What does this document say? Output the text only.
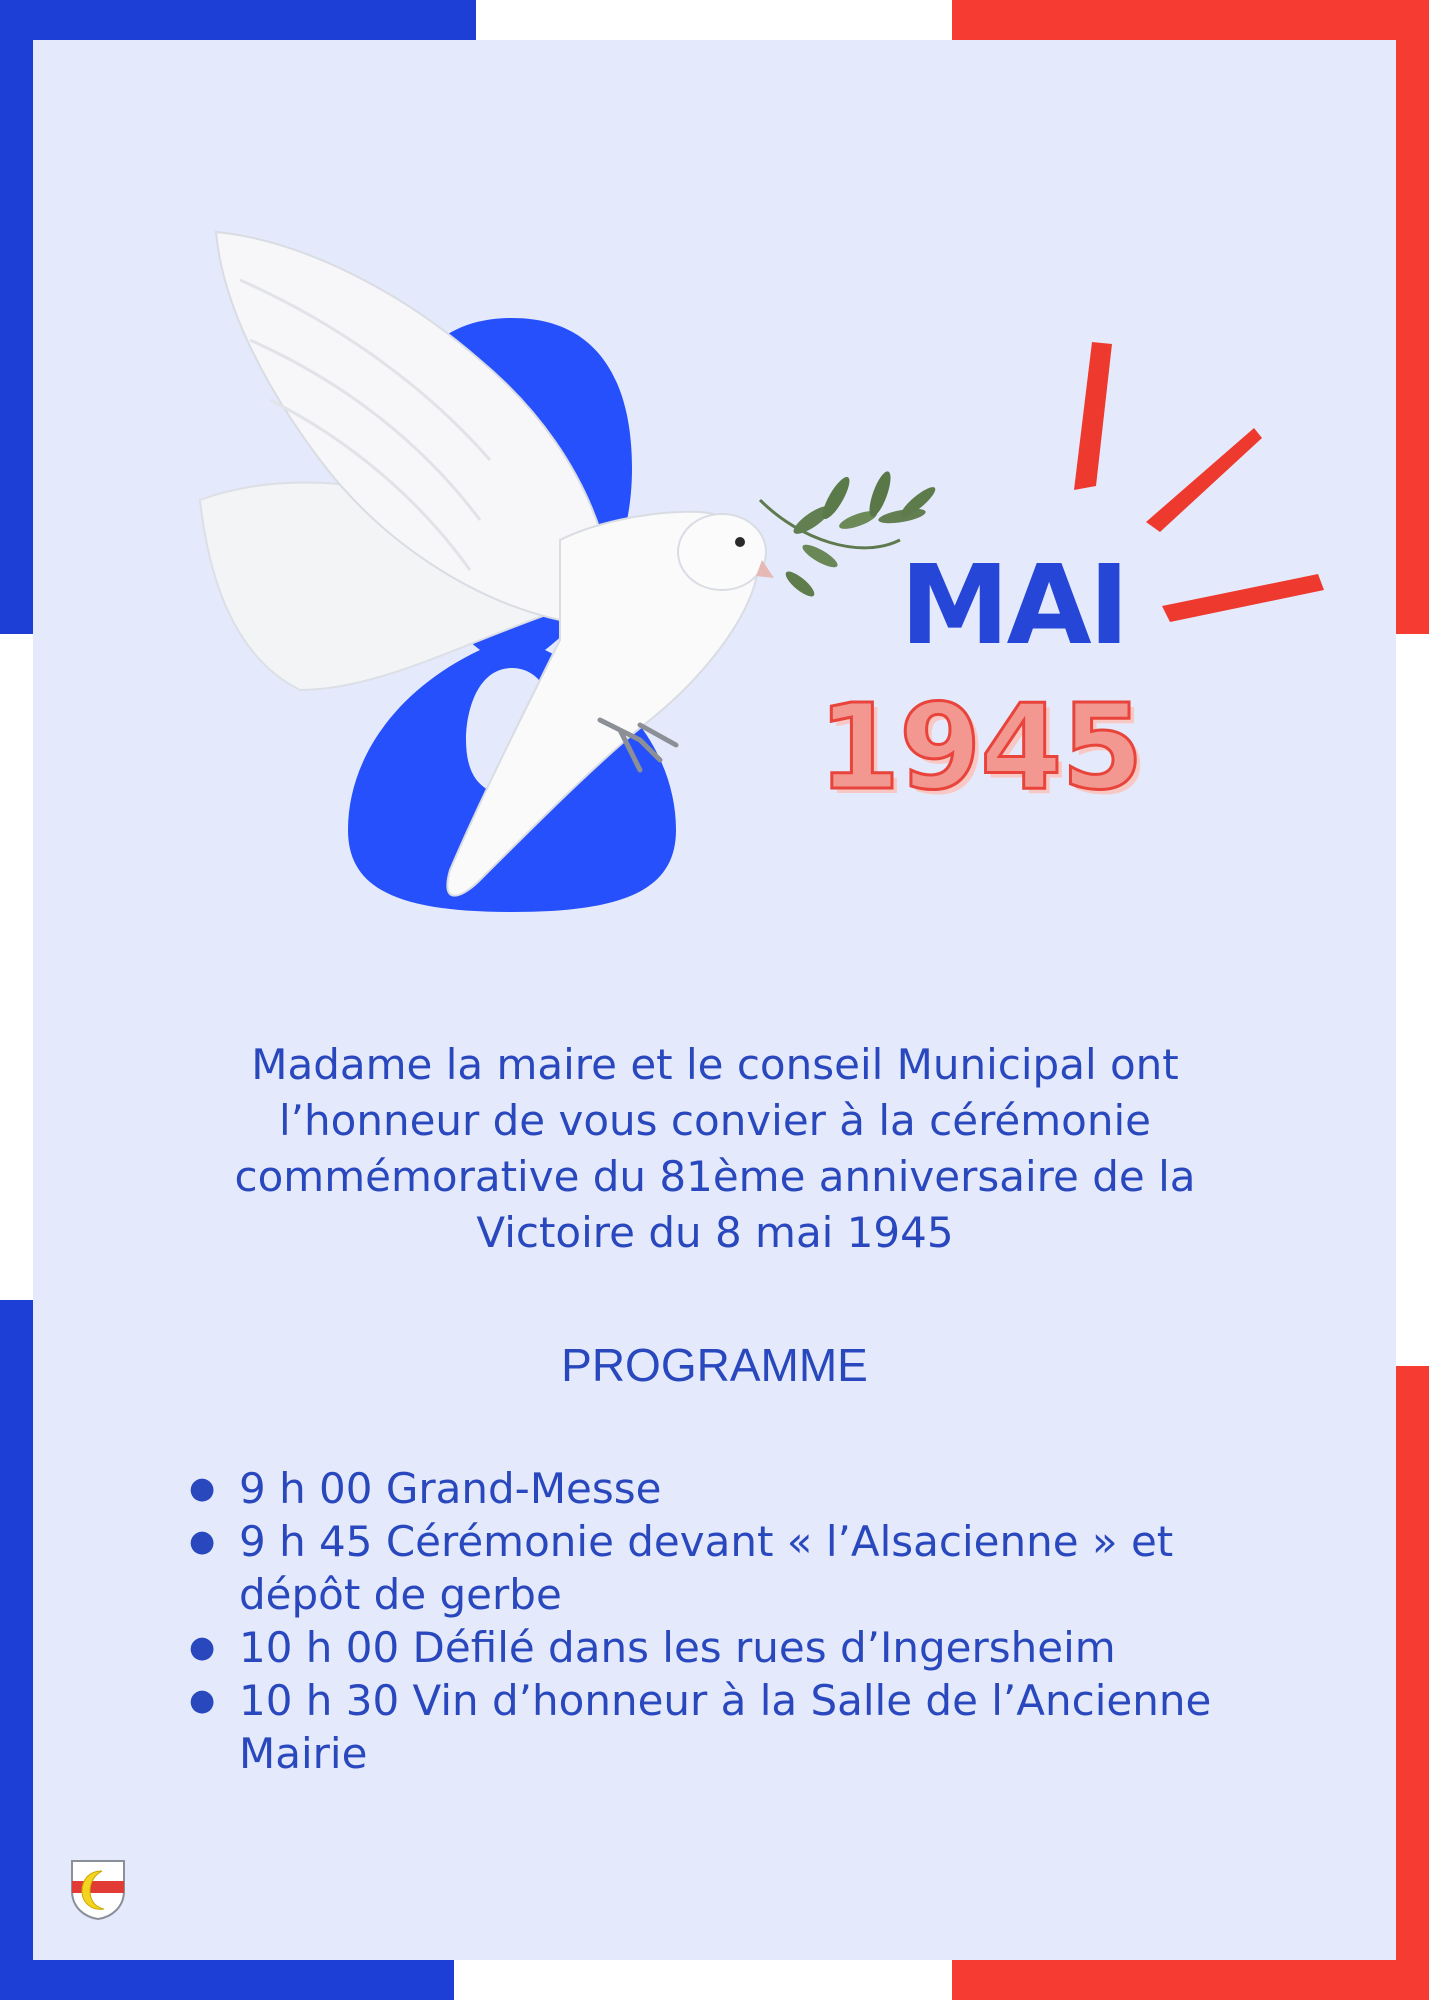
MAI
1945

Madame la maire et le conseil Municipal ont l’honneur de vous convier à la cérémonie commémorative du 81ème anniversaire de la Victoire du 8 mai 1945

PROGRAMME

● 9 h 00 Grand-Messe
● 9 h 45 Cérémonie devant « l’Alsacienne » et dépôt de gerbe
● 10 h 00 Défilé dans les rues d’Ingersheim
● 10 h 30 Vin d’honneur à la Salle de l’Ancienne Mairie
